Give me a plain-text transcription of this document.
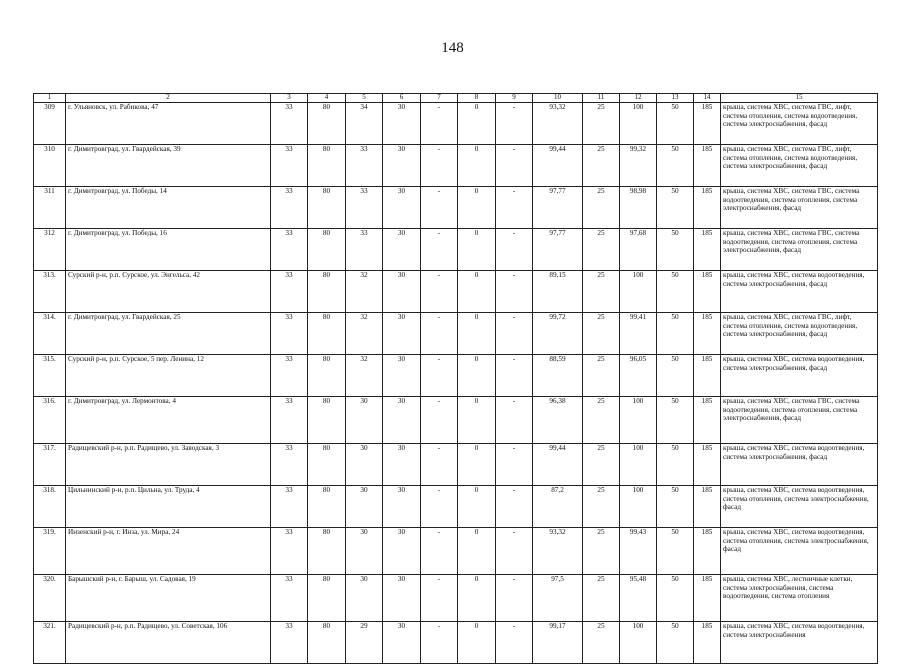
148
1	2	3	4	5	6	7	8	9	10	11	12	13	14	15
309	г. Ульяновск, ул. Рабикова, 47	33	80	34	30	-	0	-	93,32	25	100	50	185	крыша, система ХВС, система ГВС, лифт, система отопления, система водоотведения, система электроснабжения, фасад
310	г. Димитровград, ул. Гвардейская, 39	33	80	33	30	-	0	-	99,44	25	99,32	50	185	крыша, система ХВС, система ГВС, лифт, система отопления, система водоотведения, система электроснабжения, фасад
311	г. Димитровград, ул. Победы, 14	33	80	33	30	-	0	-	97,77	25	98,98	50	185	крыша, система ХВС, система ГВС, система водоотведения, система отопления, система электроснабжения, фасад
312	г. Димитровград, ул. Победы, 16	33	80	33	30	-	0	-	97,77	25	97,68	50	185	крыша, система ХВС, система ГВС, система водоотведения, система отопления, система электроснабжения, фасад
313.	Сурский р-н, р.п. Сурское, ул. Энгельса, 42	33	80	32	30	-	0	-	89,15	25	100	50	185	крыша, система ХВС, система водоотведения, система электроснабжения, фасад
314.	г. Димитровград, ул. Гвардейская, 25	33	80	32	30	-	0	-	99,72	25	99,41	50	185	крыша, система ХВС, система ГВС, лифт, система отопления, система водоотведения, система электроснабжения, фасад
315.	Сурский р-н, р.п. Сурское, 5 пер. Ленина, 12	33	80	32	30	-	0	-	88,59	25	96,05	50	185	крыша, система ХВС, система водоотведения, система электроснабжения, фасад
316.	г. Димитровград, ул. Лермонтова, 4	33	80	30	30	-	0	-	96,38	25	100	50	185	крыша, система ХВС, система ГВС, система водоотведения, система отопления, система электроснабжения, фасад
317.	Радищевский р-н, р.п. Радищево, ул. Заводская, 3	33	80	30	30	-	0	-	99,44	25	100	50	185	крыша, система ХВС, система водоотведения, система электроснабжения, фасад
318.	Цильнинский р-н, р.п. Цильна, ул. Труда, 4	33	80	30	30	-	0	-	87,2	25	100	50	185	крыша, система ХВС, система водоотведения, система отопления, система электроснабжения, фасад
319.	Инзенский р-н, г. Инза, ул. Мира, 24	33	80	30	30	-	0	-	93,32	25	99,43	50	185	крыша, система ХВС, система водоотведения, система отопления, система электроснабжения, фасад
320.	Барышский р-н, г. Барыш, ул. Садовая, 19	33	80	30	30	-	0	-	97,5	25	95,48	50	185	крыша, система ХВС, лестничные клетки, система электроснабжения, система водоотведения, система отопления
321.	Радищевский р-н, р.п. Радищево, ул. Советская, 106	33	80	29	30	-	0	-	99,17	25	100	50	185	крыша, система ХВС, система водоотведения, система электроснабжения
